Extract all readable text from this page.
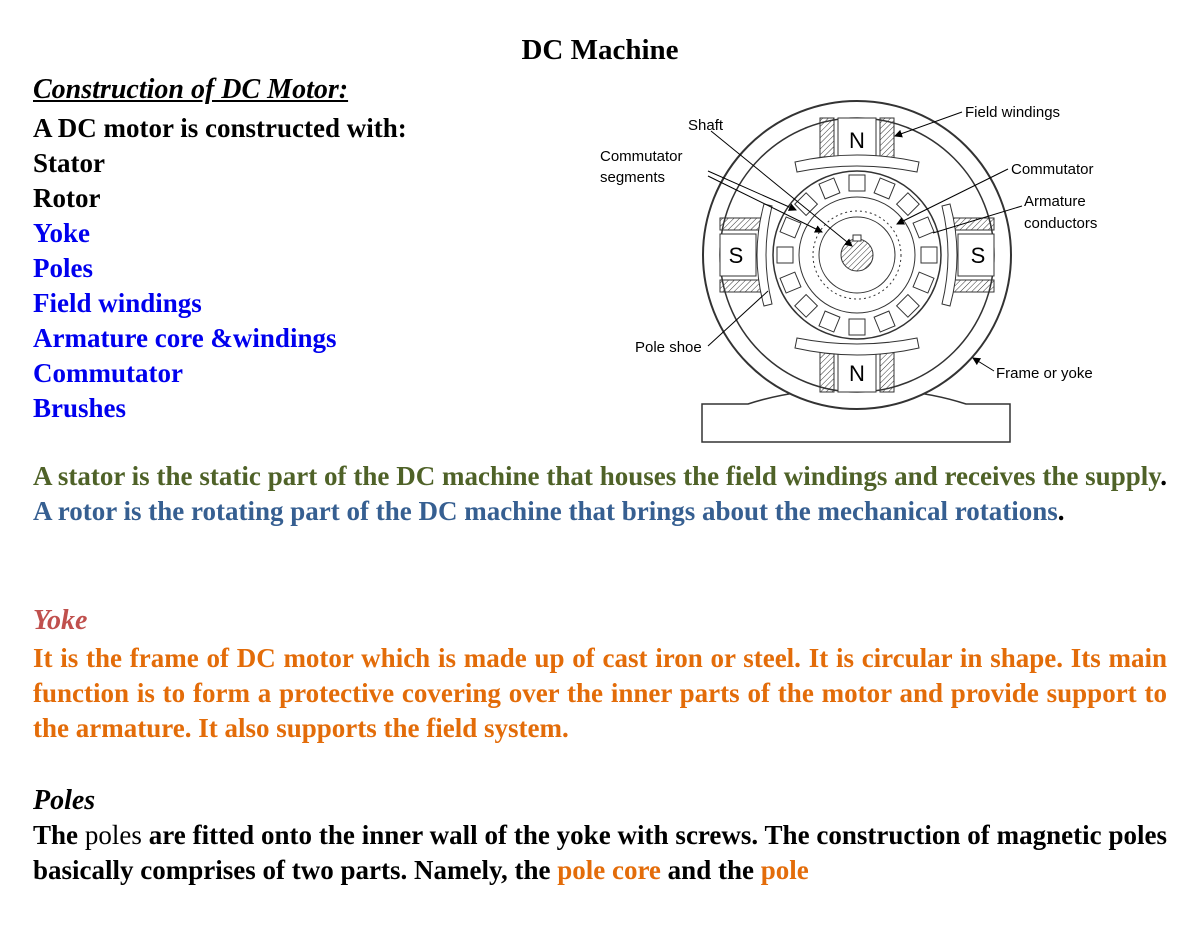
DC Machine

Construction of DC Motor:

A DC motor is constructed with:
Stator
Rotor
Yoke
Poles
Field windings
Armature core &windings
Commutator
Brushes
N
N
S	S
Shaft
Commutator
segments
Pole shoe
Field windings
Commutator
Armature
conductors
Frame or yoke

A stator is the static part of the DC machine that houses the field windings and receives the supply. A rotor is the rotating part of the DC machine that brings about the mechanical rotations.

Yoke

It is the frame of DC motor which is made up of cast iron or steel. It is circular in shape. Its main function is to form a protective covering over the inner parts of the motor and provide support to the armature. It also supports the field system.

Poles

The poles are fitted onto the inner wall of the yoke with screws. The construction of magnetic poles basically comprises of two parts. Namely, the pole core and the pole
